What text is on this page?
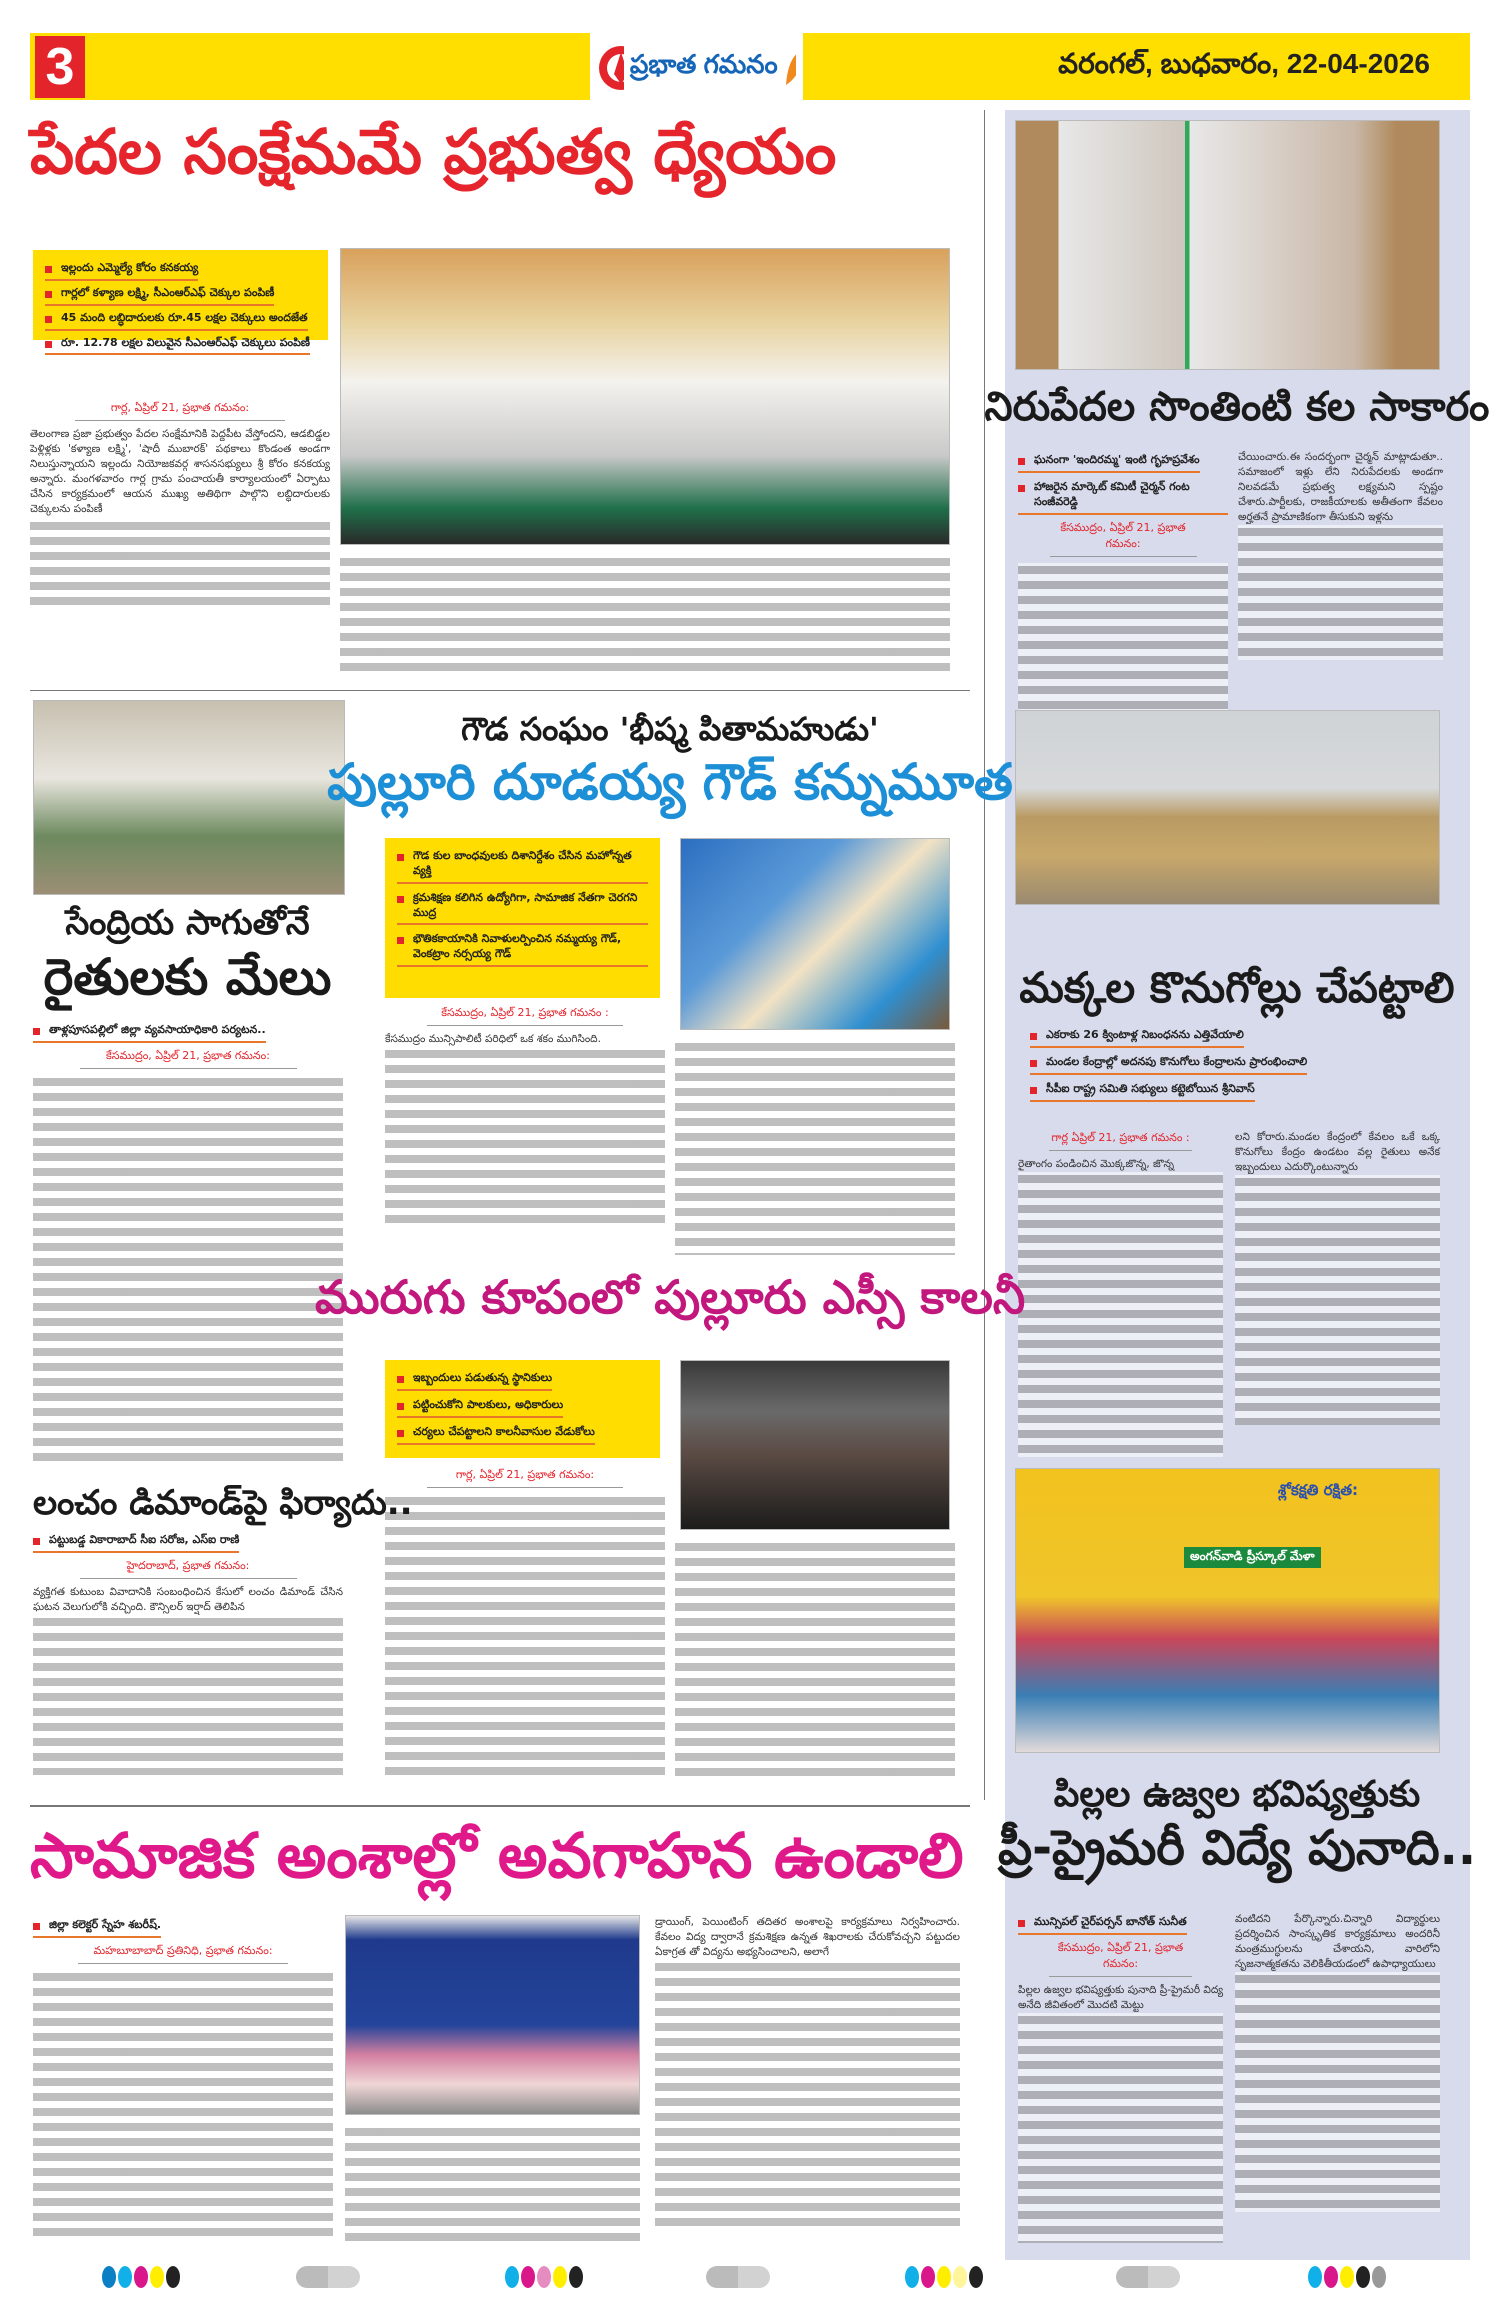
3	ప్రభాత గమనం	వరంగల్, బుధవారం, 22-04-2026
పేదల సంక్షేమమే ప్రభుత్వ ధ్యేయం
ఇల్లందు ఎమ్మెల్యే కోరం కనకయ్య
గార్లలో కళ్యాణ లక్ష్మి, సీఎంఆర్ఎఫ్ చెక్కుల పంపిణీ
45 మంది లబ్ధిదారులకు రూ.45 లక్షల చెక్కులు అందజేత
రూ. 12.78 లక్షల విలువైన సీఎంఆర్ఎఫ్ చెక్కులు పంపిణీ
గార్ల, ఏప్రిల్ 21, ప్రభాత గమనం:
తెలంగాణ ప్రజా ప్రభుత్వం పేదల సంక్షేమానికి పెద్దపీట వేస్తోందని, ఆడబిడ్డల పెళ్లిళ్లకు 'కళ్యాణ లక్ష్మి', 'షాదీ ముబారక్' పథకాలు కొండంత అండగా నిలుస్తున్నాయని ఇల్లందు నియోజకవర్గ శాసనసభ్యులు శ్రీ కోరం కనకయ్య అన్నారు. మంగళవారం గార్ల గ్రామ పంచాయతీ కార్యాలయంలో ఏర్పాటు చేసిన కార్యక్రమంలో ఆయన ముఖ్య అతిథిగా పాల్గొని లబ్ధిదారులకు చెక్కులను పంపిణీ
సేంద్రియ సాగుతోనే
రైతులకు మేలు
తాళ్లపూసపల్లిలో జిల్లా వ్యవసాయాధికారి పర్యటన..
కేసముద్రం, ఏప్రిల్ 21, ప్రభాత గమనం:
లంచం డిమాండ్‌పై ఫిర్యాదు..
పట్టుబడ్డ వికారాబాద్ సీఐ సరోజ, ఎస్ఐ రాణి
హైదరాబాద్, ప్రభాత గమనం:
వ్యక్తిగత కుటుంబ వివాదానికి సంబంధించిన కేసులో లంచం డిమాండ్ చేసిన ఘటన వెలుగులోకి వచ్చింది. కౌన్సిలర్ ఇర్షాద్ తెలిపిన
గౌడ సంఘం 'భీష్మ పితామహుడు'
పుల్లూరి దూడయ్య గౌడ్ కన్నుమూత
గౌడ కుల బాంధవులకు దిశానిర్దేశం చేసిన మహోన్నత వ్యక్తి
క్రమశిక్షణ కలిగిన ఉద్యోగిగా, సామాజిక నేతగా చెరగని ముద్ర
భౌతికకాయానికి నివాళులర్పించిన నమ్మయ్య గౌడ్, వెంకట్రాం నర్సయ్య గౌడ్
కేసముద్రం, ఏప్రిల్ 21, ప్రభాత గమనం :
కేసముద్రం మున్సిపాలిటీ పరిధిలో ఒక శకం ముగిసింది.
మురుగు కూపంలో పుల్లూరు ఎస్సీ కాలనీ
ఇబ్బందులు పడుతున్న స్థానికులు
పట్టించుకోని పాలకులు, అధికారులు
చర్యలు చేపట్టాలని కాలనీవాసుల వేడుకోలు
గార్ల, ఏప్రిల్ 21, ప్రభాత గమనం:
సామాజిక అంశాల్లో అవగాహన ఉండాలి
జిల్లా కలెక్టర్ స్నేహ శబరీష్.
మహబూబాబాద్ ప్రతినిధి, ప్రభాత గమనం:
డ్రాయింగ్, పెయింటింగ్ తదితర అంశాలపై కార్యక్రమాలు నిర్వహించారు. కేవలం విద్య ద్వారానే క్రమశిక్షణ ఉన్నత శిఖరాలకు చేరుకోవచ్చని పట్టుదల ఏకాగ్రత తో విద్యను అభ్యసించాలని, అలాగే
నిరుపేదల సొంతింటి కల సాకారం
ఘనంగా 'ఇందిరమ్మ' ఇంటి గృహప్రవేశం
హాజరైన మార్కెట్ కమిటీ చైర్మన్ గంట సంజీవరెడ్డి
కేసముద్రం, ఏప్రిల్ 21, ప్రభాత గమనం:
చేయించారు.ఈ సందర్భంగా చైర్మన్ మాట్లాడుతూ.. సమాజంలో ఇళ్లు లేని నిరుపేదలకు అండగా నిలవడమే ప్రభుత్వ లక్ష్యమని స్పష్టం చేశారు.పార్టీలకు, రాజకీయాలకు అతీతంగా కేవలం అర్హతనే ప్రామాణికంగా తీసుకుని ఇళ్లను
మక్కల కొనుగోల్లు చేపట్టాలి
ఎకరాకు 26 క్వింటాళ్ల నిబంధనను ఎత్తివేయాలి
మండల కేంద్రాల్లో అదనపు కొనుగోలు కేంద్రాలను ప్రారంభించాలి
సీపీఐ రాష్ట్ర సమితి సభ్యులు కట్టెబోయిన శ్రీనివాస్
గార్ల ఏప్రిల్ 21, ప్రభాత గమనం :
రైతాంగం పండించిన మొక్కజొన్న, జొన్న
లని కోరారు.మండల కేంద్రంలో కేవలం ఒకే ఒక్క కొనుగోలు కేంద్రం ఉండటం వల్ల రైతులు అనేక ఇబ్బందులు ఎదుర్కొంటున్నారు
శ్లోకక్షతి రక్షిత:
అంగన్‌వాడి ప్రీస్కూల్ మేళా
పిల్లల ఉజ్వల భవిష్యత్తుకు
ప్రీ-ప్రైమరీ విద్యే పునాది..
మున్సిపల్ చైర్‌పర్సన్ బానోత్ సునీత
కేసముద్రం, ఏప్రిల్ 21, ప్రభాత గమనం:
పిల్లల ఉజ్వల భవిష్యత్తుకు పునాది ప్రీ-ప్రైమరీ విద్య అనేది జీవితంలో మొదటి మెట్టు
వంటిదని పేర్కొన్నారు.చిన్నారి విద్యార్థులు ప్రదర్శించిన సాంస్కృతిక కార్యక్రమాలు అందరినీ మంత్రముగ్ధులను చేశాయని, వారిలోని సృజనాత్మకతను వెలికితీయడంలో ఉపాధ్యాయులు
